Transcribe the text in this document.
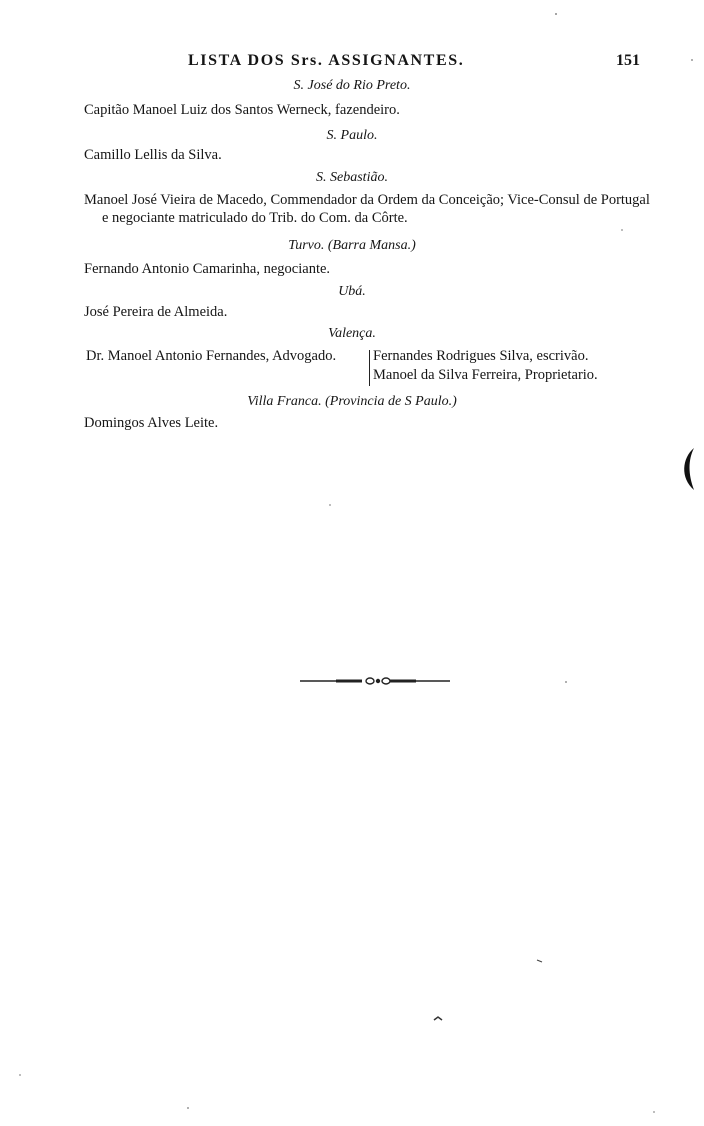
LISTA DOS Srs. ASSIGNANTES.	151
S. José do Rio Preto.
Capitão Manoel Luiz dos Santos Werneck, fazendeiro.
S. Paulo.
Camillo Lellis da Silva.
S. Sebastião.
Manoel José Vieira de Macedo, Commendador da Ordem da Conceição; Vice-Consul de Portugal e negociante matriculado do Trib. do Com. da Côrte.
Turvo. (Barra Mansa.)
Fernando Antonio Camarinha, negociante.
Ubá.
José Pereira de Almeida.
Valença.
Dr. Manoel Antonio Fernandes, Advogado.	Fernandes Rodrigues Silva, escrivão.
Manoel da Silva Ferreira, Proprietario.
Villa Franca. (Provincia de S Paulo.)
Domingos Alves Leite.
